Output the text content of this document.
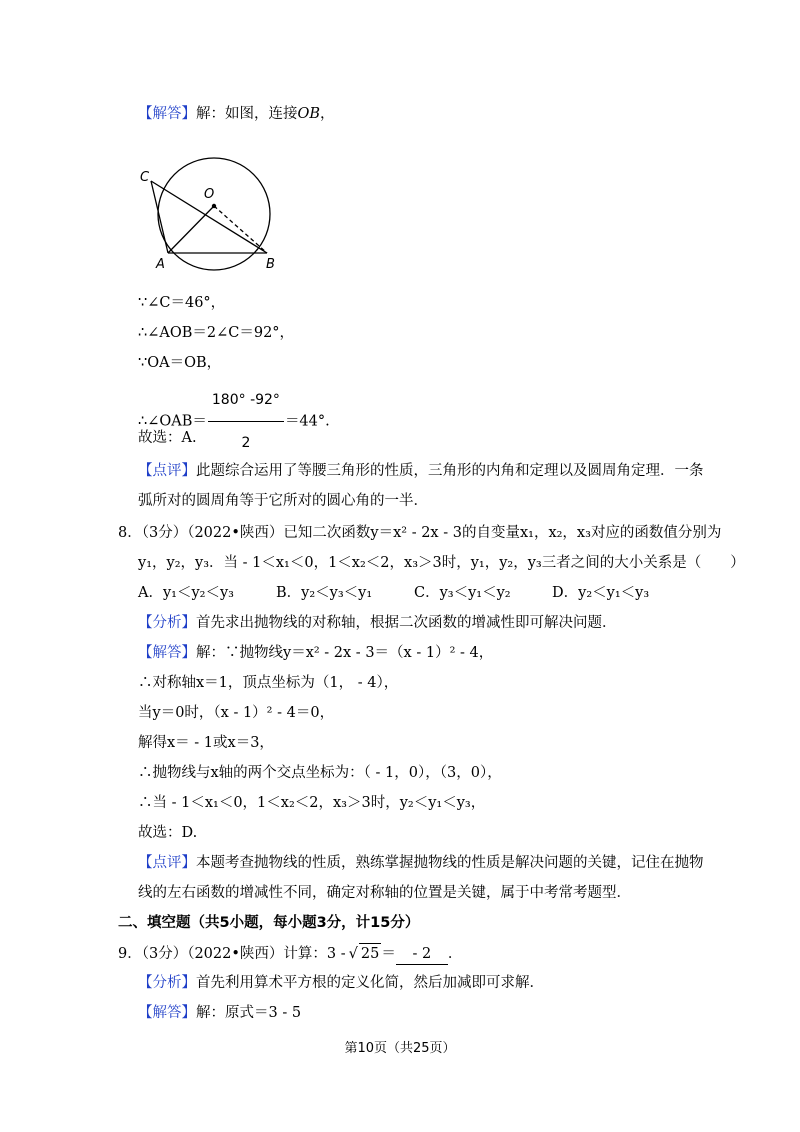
【解答】解：如图，连接OB，
C
O
A	B
∵∠C＝46°，
∴∠AOB＝2∠C＝92°，
∵OA＝OB，
∴∠OAB＝ $\frac{180^\circ -92^\circ}{2} =44^\circ$.
故选：A.
【点评】此题综合运用了等腰三角形的性质，三角形的内角和定理以及圆周角定理．一条
弧所对的圆周角等于它所对的圆心角的一半．
8．（3分）（2022•陕西）已知二次函数y＝x² - 2x - 3的自变量x₁，x₂，x₃对应的函数值分别为
y₁，y₂，y₃．当 - 1＜x₁＜0，1＜x₂＜2，x₃＞3时，y₁，y₂，y₃三者之间的大小关系是（　　）
A．y₁＜y₂＜y₃	B．y₂＜y₃＜y₁	C．y₃＜y₁＜y₂	D．y₂＜y₁＜y₃
【分析】首先求出抛物线的对称轴，根据二次函数的增减性即可解决问题．
【解答】解：∵抛物线y＝x² - 2x - 3＝（x - 1）² - 4，
∴对称轴x＝1，顶点坐标为（1， - 4），
当y＝0时，（x - 1）² - 4＝0，
解得x＝ - 1或x＝3，
∴抛物线与x轴的两个交点坐标为：（ - 1，0），（3，0），
∴当 - 1＜x₁＜0，1＜x₂＜2，x₃＞3时，y₂＜y₁＜y₃，
故选：D.
【点评】本题考查抛物线的性质，熟练掌握抛物线的性质是解决问题的关键，记住在抛物
线的左右函数的增减性不同，确定对称轴的位置是关键，属于中考常考题型．
二、填空题（共5小题，每小题3分，计15分）
9．（3分）（2022•陕西）计算：3 - √ 25 ＝ - 2 ．
【分析】首先利用算术平方根的定义化简，然后加减即可求解．
【解答】解：原式＝3 - 5
第10页（共25页）
